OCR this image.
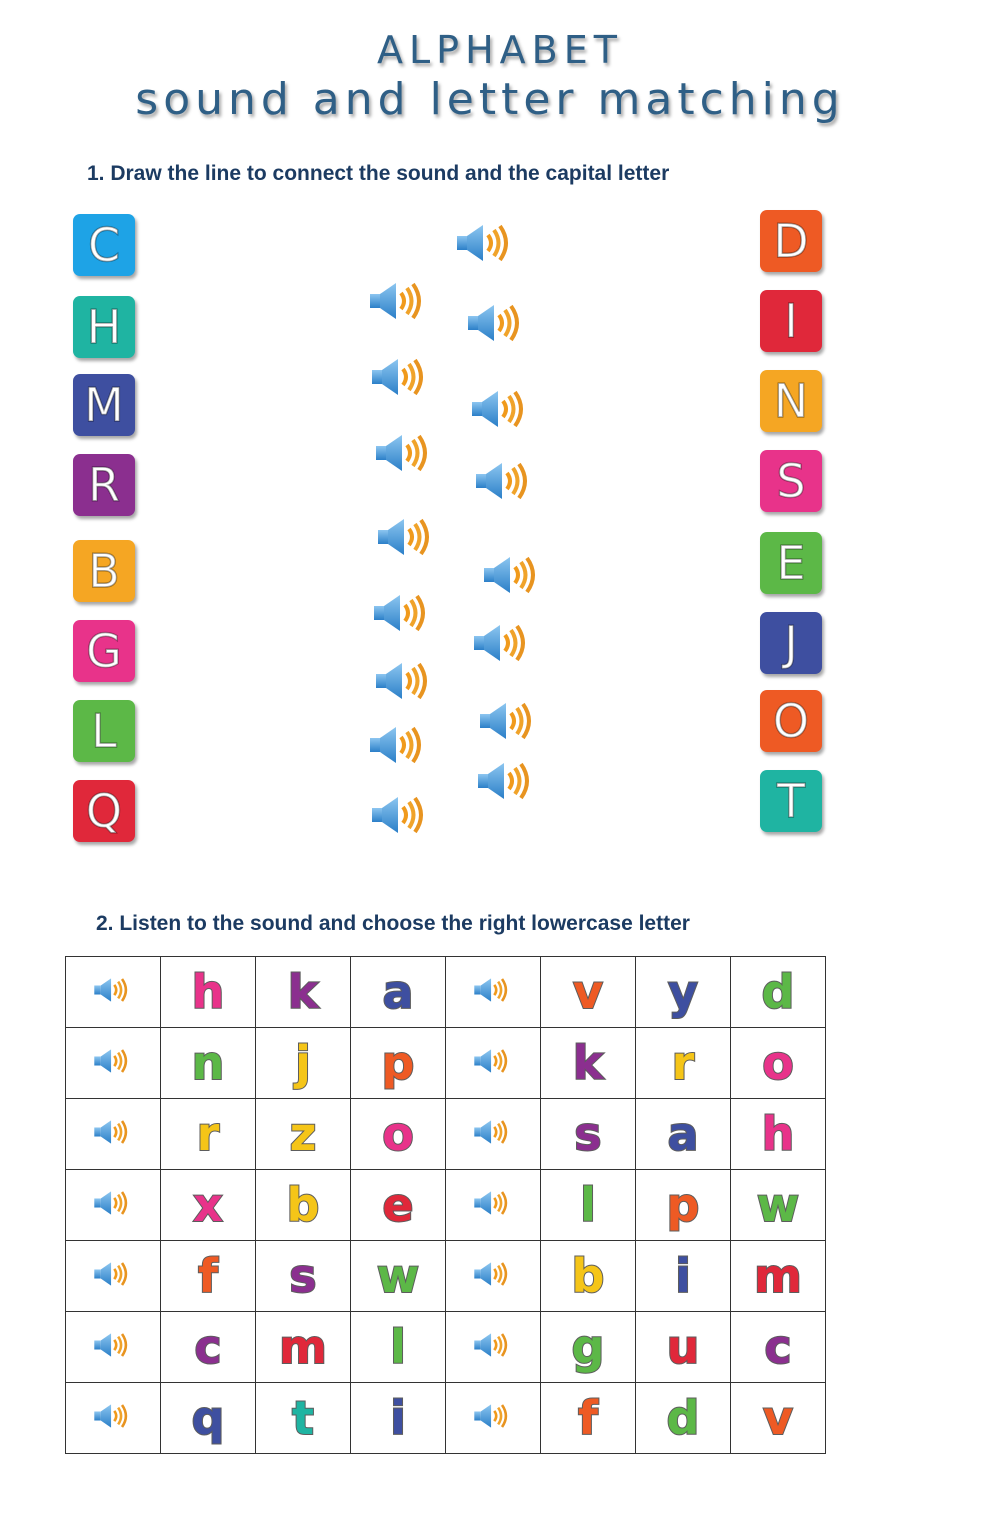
ALPHABET
sound and letter matching
1. Draw the line to connect the sound and the capital letter
C
H
M
R
B
G
L
Q
D
I
N
S
E
J
O
T
2. Listen to the sound and choose the right lowercase letter
	h	k	a		v	y	d
	n	j	p		k	r	o
	r	z	o		s	a	h
	x	b	e		l	p	w
	f	s	w		b	i	m
	c	m	l		g	u	c
	q	t	i		f	d	v
